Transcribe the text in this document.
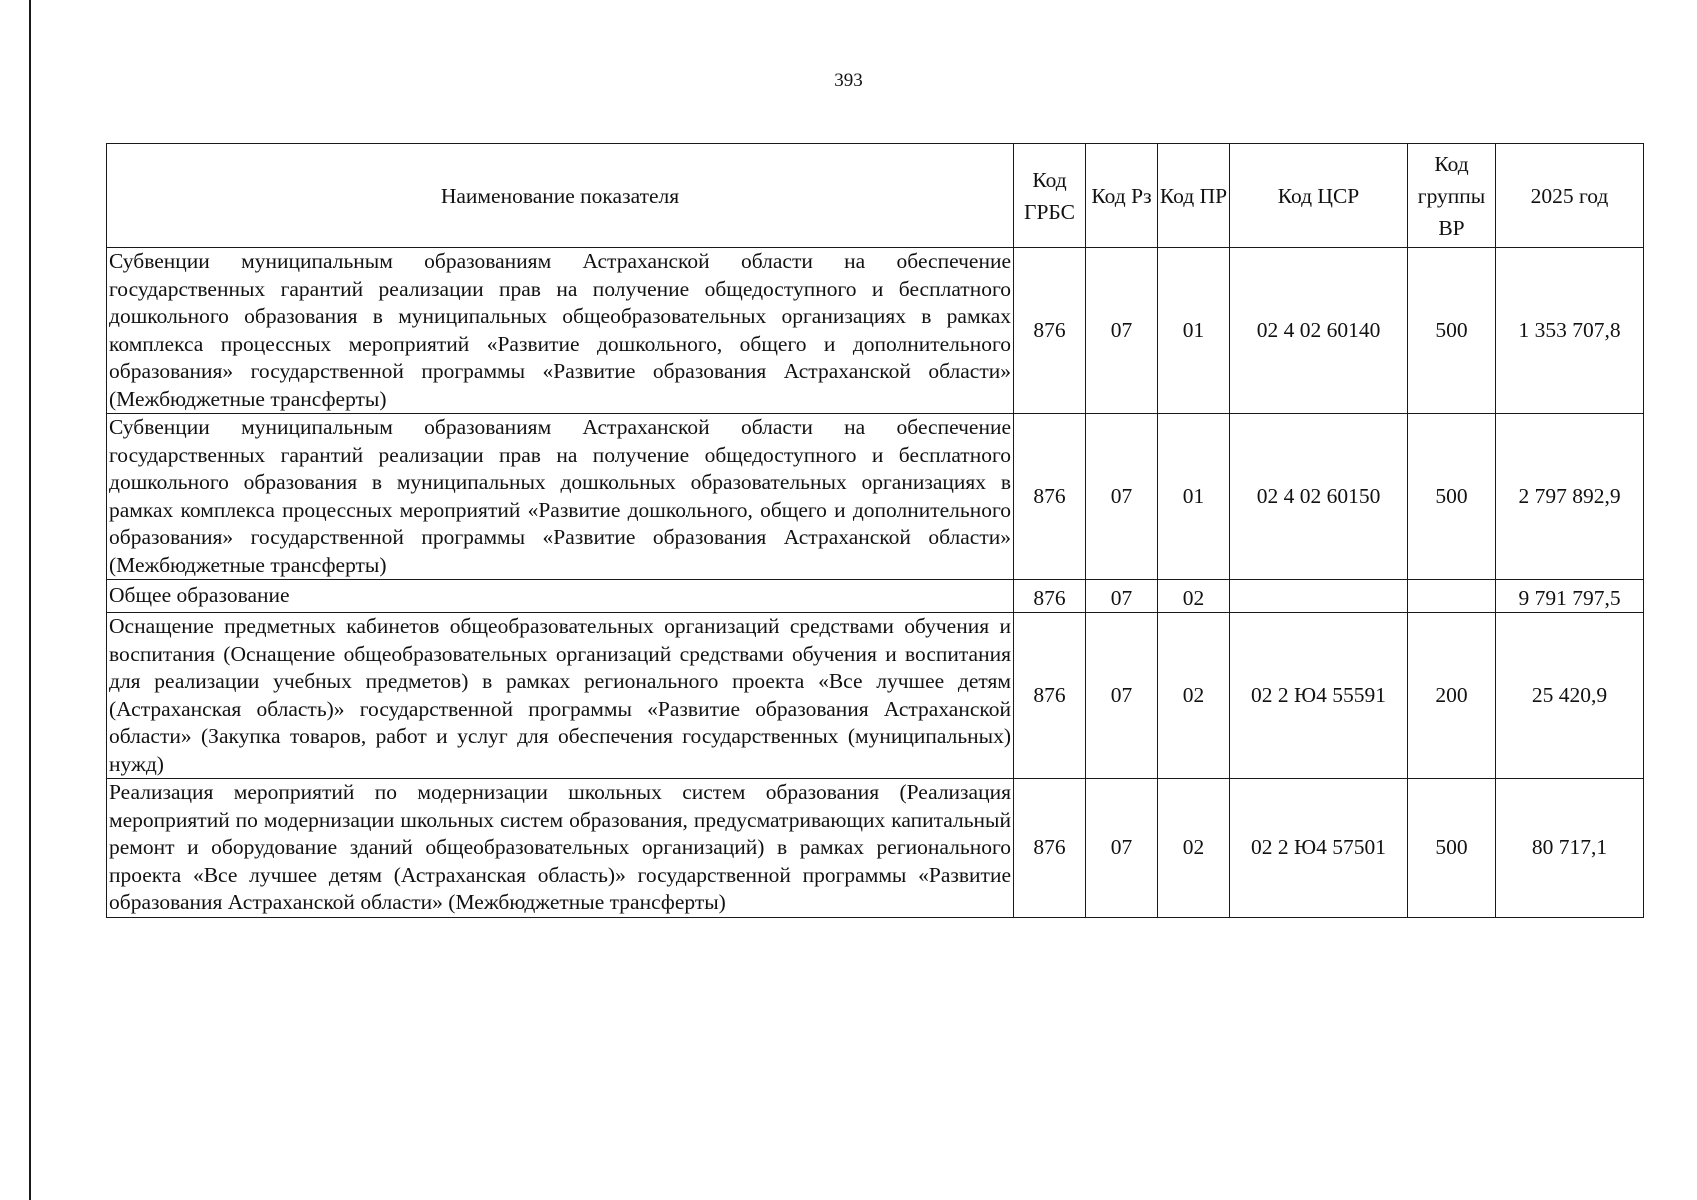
393
Наименование показателя	Код ГРБС	Код Рз	Код ПР	Код ЦСР	Код группы ВР	2025 год
Субвенции муниципальным образованиям Астраханской области на обеспечение государственных гарантий реализации прав на получение общедоступного и бесплатного дошкольного образования в муниципальных общеобразовательных организациях в рамках комплекса процессных мероприятий «Развитие дошкольного, общего и дополнительного образования» государственной программы «Развитие образования Астраханской области» (Межбюджетные трансферты)	876	07	01	02 4 02 60140	500	1 353 707,8
Субвенции муниципальным образованиям Астраханской области на обеспечение государственных гарантий реализации прав на получение общедоступного и бесплатного дошкольного образования в муниципальных дошкольных образовательных организациях в рамках комплекса процессных мероприятий «Развитие дошкольного, общего и дополнительного образования» государственной программы «Развитие образования Астраханской области» (Межбюджетные трансферты)	876	07	01	02 4 02 60150	500	2 797 892,9
Общее образование	876	07	02			9 791 797,5
Оснащение предметных кабинетов общеобразовательных организаций средствами обучения и воспитания (Оснащение общеобразовательных организаций средствами обучения и воспитания для реализации учебных предметов) в рамках регионального проекта «Все лучшее детям (Астраханская область)» государственной программы «Развитие образования Астраханской области» (Закупка товаров, работ и услуг для обеспечения государственных (муниципальных) нужд)	876	07	02	02 2 Ю4 55591	200	25 420,9
Реализация мероприятий по модернизации школьных систем образования (Реализация мероприятий по модернизации школьных систем образования, предусматривающих капитальный ремонт и оборудование зданий общеобразовательных организаций) в рамках регионального проекта «Все лучшее детям (Астраханская область)» государственной программы «Развитие образования Астраханской области» (Межбюджетные трансферты)	876	07	02	02 2 Ю4 57501	500	80 717,1
